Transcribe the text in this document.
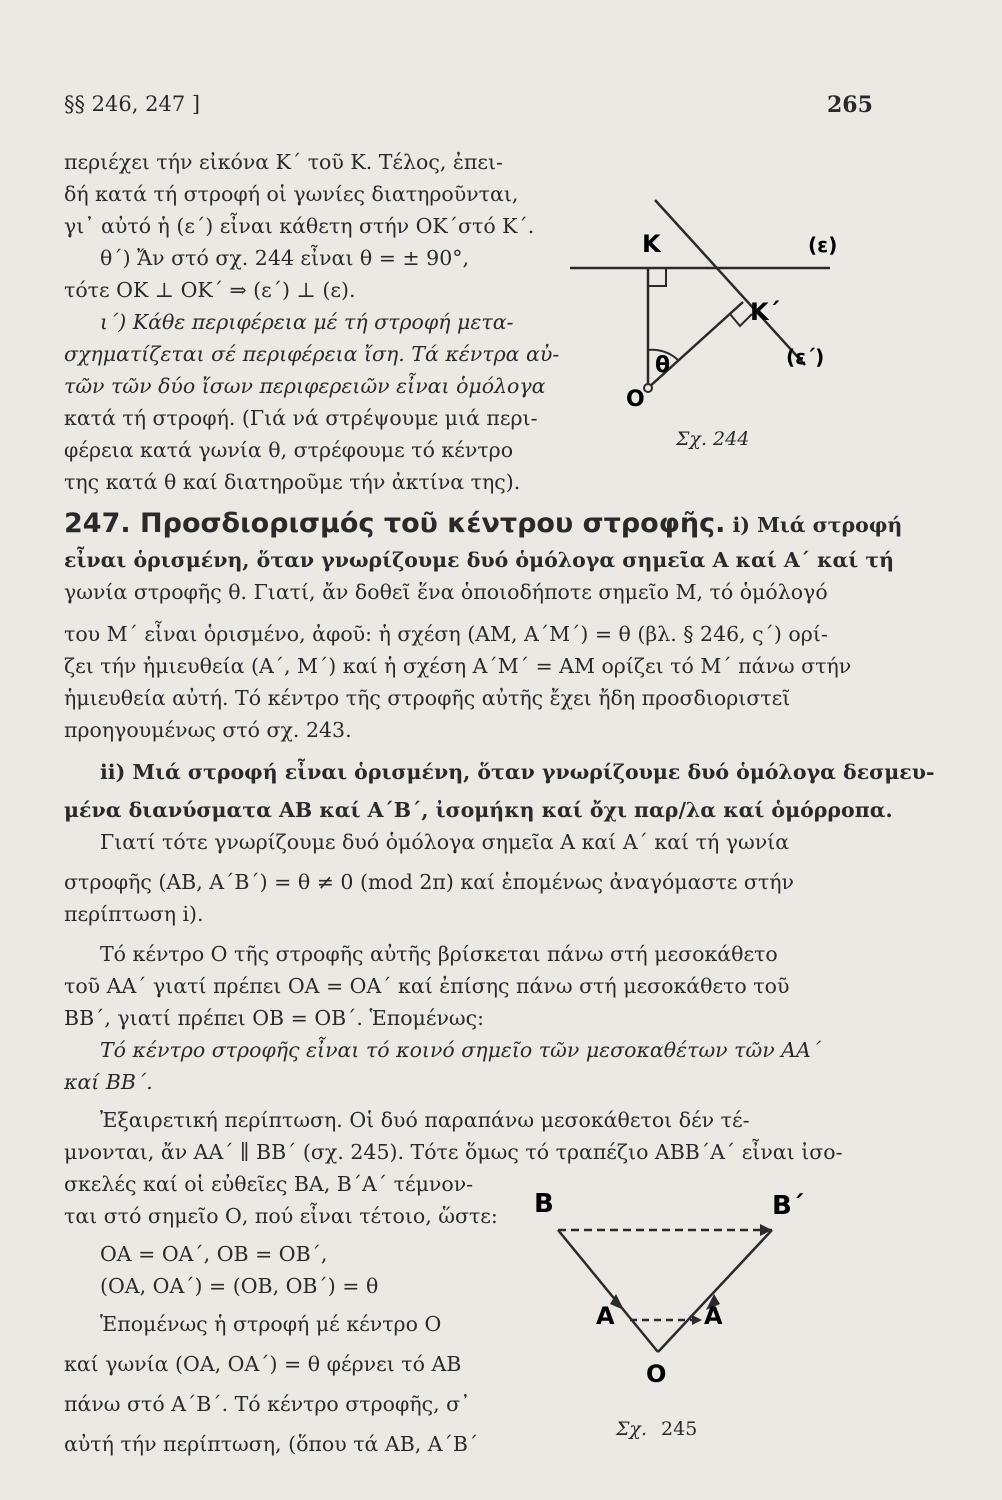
§§ 246, 247 ]	265
περιέχει τήν εἰκόνα Κ΄ τοῦ Κ. Τέλος, ἐπει-
δή κατά τή στροφή οἱ γωνίες διατηροῦνται,
γι᾽ αὐτό ἡ (ε΄) εἶναι κάθετη στήν ΟΚ΄στό Κ΄.
θ΄) Ἄν στό σχ. 244 εἶναι θ = ± 90°,
τότε ΟΚ ⊥ ΟΚ΄ ⇒ (ε΄) ⊥ (ε).
ι΄) Κάθε περιφέρεια μέ τή στροφή μετα-
σχηματίζεται σέ περιφέρεια ἴση. Τά κέντρα αὐ-
τῶν τῶν δύο ἴσων περιφερειῶν εἶναι ὁμόλογα
κατά τή στροφή. (Γιά νά στρέψουμε μιά περι-
φέρεια κατά γωνία θ, στρέφουμε τό κέντρο
της κατά θ καί διατηροῦμε τήν ἀκτίνα της).
K
K΄
(ε)
(ε΄)
θ
O
Σχ. 244
247. Προσδιορισμός τοῦ κέντρου στροφῆς. i) Μιά στροφή
εἶναι ὁρισμένη, ὅταν γνωρίζουμε δυό ὁμόλογα σημεῖα Α καί Α΄ καί τή
γωνία στροφῆς θ. Γιατί, ἄν δοθεῖ ἕνα ὁποιοδήποτε σημεῖο Μ, τό ὁμόλογό
του Μ΄ εἶναι ὁρισμένο, ἀφοῦ: ἡ σχέση (ΑΜ, Α΄Μ΄) = θ (βλ. § 246, ς΄) ορί-
ζει τήν ἡμιευθεία (Α΄, Μ΄) καί ἡ σχέση Α΄Μ΄ = ΑΜ ορίζει τό Μ΄ πάνω στήν
ἡμιευθεία αὐτή. Τό κέντρο τῆς στροφῆς αὐτῆς ἔχει ἤδη προσδιοριστεῖ
προηγουμένως στό σχ. 243.
ii) Μιά στροφή εἶναι ὁρισμένη, ὅταν γνωρίζουμε δυό ὁμόλογα δεσμευ-
μένα διανύσματα ΑΒ καί Α΄Β΄, ἰσομήκη καί ὄχι παρ/λα καί ὁμόρροπα.
Γιατί τότε γνωρίζουμε δυό ὁμόλογα σημεῖα Α καί Α΄ καί τή γωνία
στροφῆς (ΑΒ, Α΄Β΄) = θ ≠ 0 (mod 2π) καί ἑπομένως ἀναγόμαστε στήν
περίπτωση i).
Τό κέντρο Ο τῆς στροφῆς αὐτῆς βρίσκεται πάνω στή μεσοκάθετο
τοῦ ΑΑ΄ γιατί πρέπει ΟΑ = ΟΑ΄ καί ἐπίσης πάνω στή μεσοκάθετο τοῦ
ΒΒ΄, γιατί πρέπει ΟΒ = ΟΒ΄. Ἑπομένως:
Τό κέντρο στροφῆς εἶναι τό κοινό σημεῖο τῶν μεσοκαθέτων τῶν ΑΑ΄
καί ΒΒ΄.
Ἐξαιρετική περίπτωση. Οἱ δυό παραπάνω μεσοκάθετοι δέν τέ-
μνονται, ἄν ΑΑ΄ ∥ ΒΒ΄ (σχ. 245). Τότε ὅμως τό τραπέζιο ΑΒΒ΄Α΄ εἶναι ἰσο-
σκελές καί οἱ εὐθεῖες ΒΑ, Β΄Α΄ τέμνον-
ται στό σημεῖο Ο, πού εἶναι τέτοιο, ὥστε:
ΟΑ = ΟΑ΄, ΟΒ = ΟΒ΄,
(ΟΑ, ΟΑ΄) = (ΟΒ, ΟΒ΄) = θ
Ἑπομένως ἡ στροφή μέ κέντρο Ο
καί γωνία (ΟΑ, ΟΑ΄) = θ φέρνει τό ΑΒ
πάνω στό Α΄Β΄. Τό κέντρο στροφῆς, σ᾽
αὐτή τήν περίπτωση, (ὅπου τά ΑΒ, Α΄Β΄
B	B΄
A	A
O
Σχ. 245
